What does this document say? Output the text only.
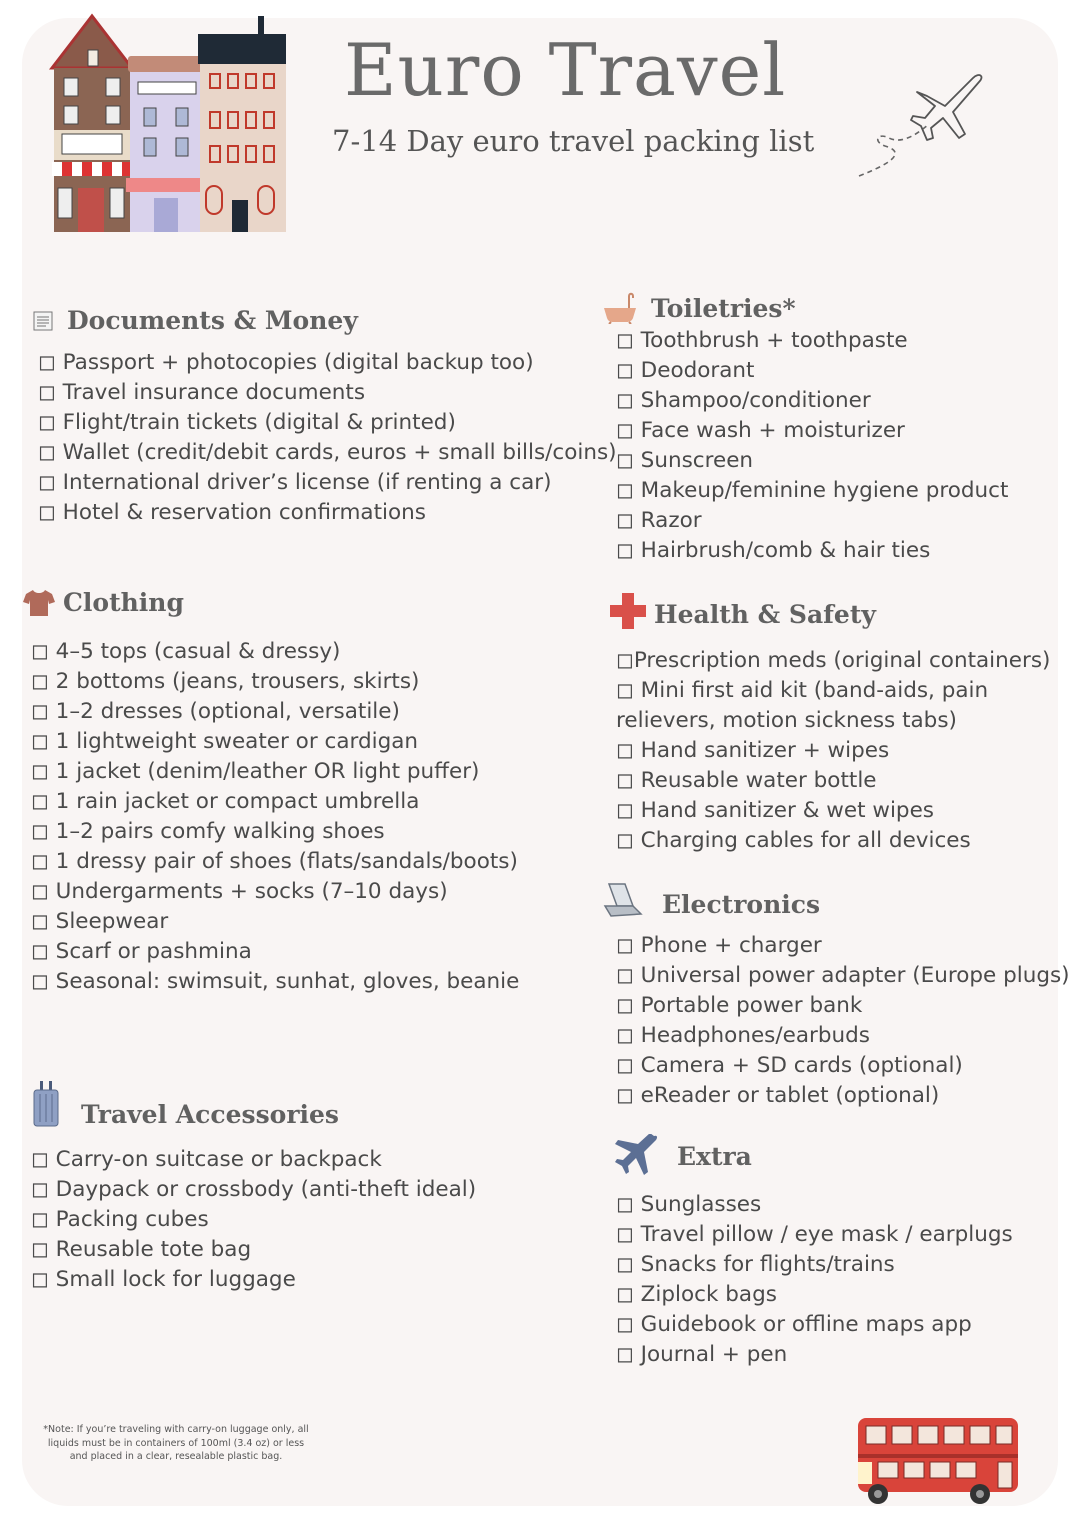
Euro Travel
7-14 Day euro travel packing list
Documents & Money
◻ Passport + photocopies (digital backup too)
◻ Travel insurance documents
◻ Flight/train tickets (digital & printed)
◻ Wallet (credit/debit cards, euros + small bills/coins)
◻ International driver’s license (if renting a car)
◻ Hotel & reservation confirmations
Clothing
◻ 4–5 tops (casual & dressy)
◻ 2 bottoms (jeans, trousers, skirts)
◻ 1–2 dresses (optional, versatile)
◻ 1 lightweight sweater or cardigan
◻ 1 jacket (denim/leather OR light puffer)
◻ 1 rain jacket or compact umbrella
◻ 1–2 pairs comfy walking shoes
◻ 1 dressy pair of shoes (flats/sandals/boots)
◻ Undergarments + socks (7–10 days)
◻ Sleepwear
◻ Scarf or pashmina
◻ Seasonal: swimsuit, sunhat, gloves, beanie
Travel Accessories
◻ Carry-on suitcase or backpack
◻ Daypack or crossbody (anti-theft ideal)
◻ Packing cubes
◻ Reusable tote bag
◻ Small lock for luggage
Toiletries*
◻ Toothbrush + toothpaste
◻ Deodorant
◻ Shampoo/conditioner
◻ Face wash + moisturizer
◻ Sunscreen
◻ Makeup/feminine hygiene product
◻ Razor
◻ Hairbrush/comb & hair ties
Health & Safety
◻Prescription meds (original containers)
◻ Mini first aid kit (band-aids, pain relievers, motion sickness tabs)
◻ Hand sanitizer + wipes
◻ Reusable water bottle
◻ Hand sanitizer & wet wipes
◻ Charging cables for all devices
Electronics
◻ Phone + charger
◻ Universal power adapter (Europe plugs)
◻ Portable power bank
◻ Headphones/earbuds
◻ Camera + SD cards (optional)
◻ eReader or tablet (optional)
Extra
◻ Sunglasses
◻ Travel pillow / eye mask / earplugs
◻ Snacks for flights/trains
◻ Ziplock bags
◻ Guidebook or offline maps app
◻ Journal + pen
*Note: If you’re traveling with carry-on luggage only, all liquids must be in containers of 100ml (3.4 oz) or less and placed in a clear, resealable plastic bag.
